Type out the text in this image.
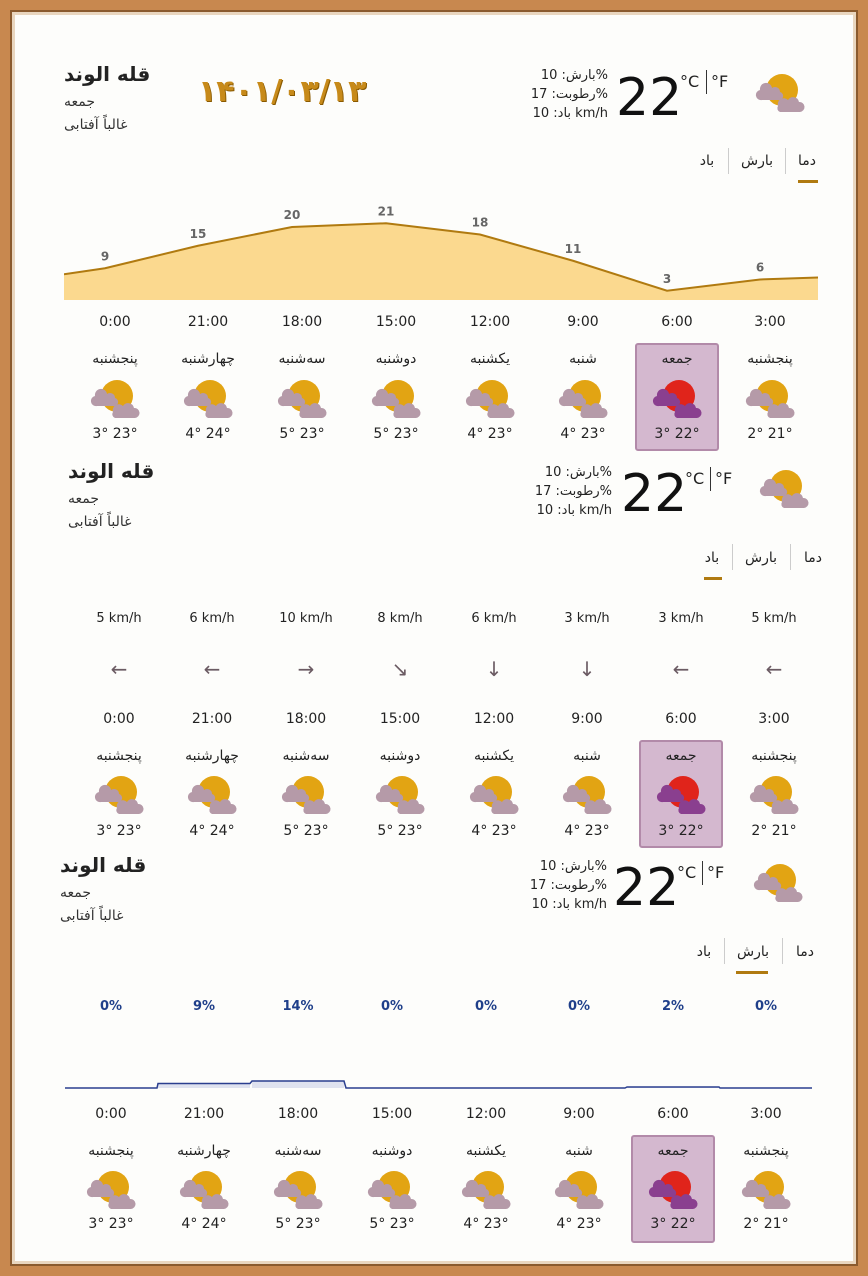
قله الوند
جمعه
غالباً آفتابی
۱۴۰۱/۰۳/۱۳	بارش: 10%
رطوبت: 17%
باد: 10 km/h 22
°C °F
دما
بارش
باد
6
3
11
18
21
20
15
9
3:00
پنجشنبه
2° 21°
6:00
جمعه
3° 22°
9:00
شنبه
4° 23°
12:00
یکشنبه
4° 23°
15:00
دوشنبه
5° 23°
18:00
سه‌شنبه
5° 23°
21:00
چهارشنبه
4° 24°
0:00
پنجشنبه
3° 23°
5 km/h
←
3 km/h
←
3 km/h
↓
6 km/h
↓
8 km/h
↘
10 km/h
→
6 km/h
←
5 km/h
←
3:00
پنجشنبه
2° 21°
6:00
جمعه
3° 22°
9:00
شنبه
4° 23°
12:00
یکشنبه
4° 23°
15:00
دوشنبه
5° 23°
18:00
سه‌شنبه
5° 23°
21:00
چهارشنبه
4° 24°
0:00
پنجشنبه
3° 23°
0%
2%
0%
0%
0%
14%
9%
0%
3:00
پنجشنبه
2° 21°
6:00
جمعه
3° 22°
9:00
شنبه
4° 23°
12:00
یکشنبه
4° 23°
15:00
دوشنبه
5° 23°
18:00
سه‌شنبه
5° 23°
21:00
چهارشنبه
4° 24°
0:00
پنجشنبه
3° 23°
قله الوند
جمعه
غالباً آفتابی
بارش: 10%
رطوبت: 17%
باد: 10 km/h 22
°C °F
دما
بارش
باد
قله الوند
جمعه
غالباً آفتابی
بارش: 10%
رطوبت: 17%
باد: 10 km/h 22
°C °F
دما
بارش
باد
